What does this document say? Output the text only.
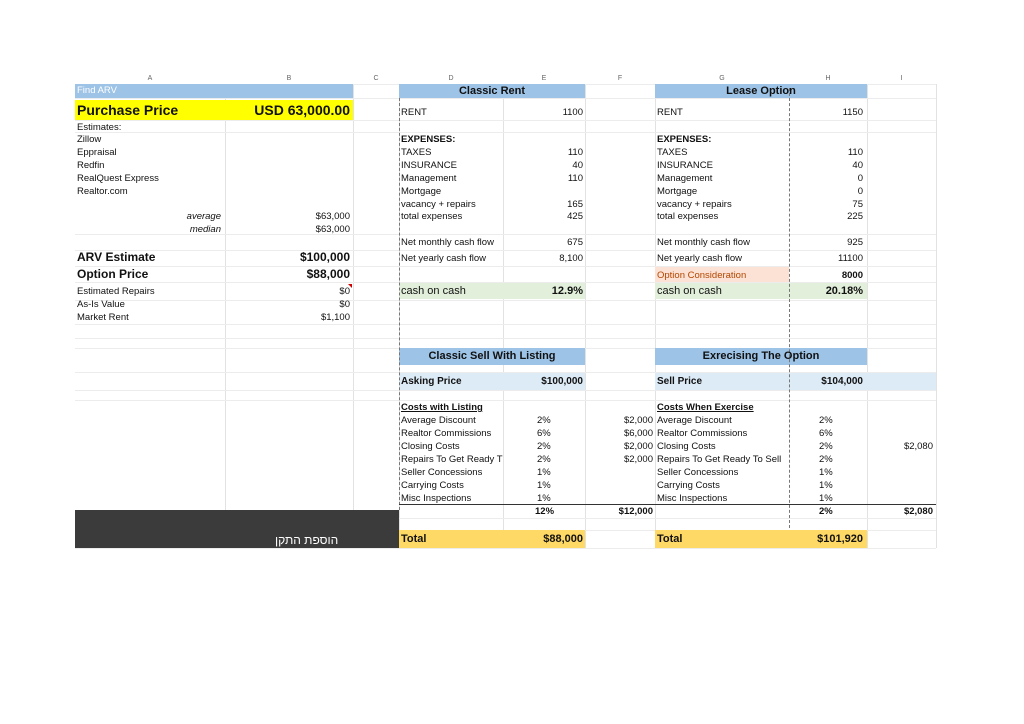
A	B	C	D	E	F	G	H	I
Find ARV
Purchase Price	USD 63,000.00
Estimates:
Zillow
Eppraisal
Redfin
RealQuest Express
Realtor.com
average	$63,000
median	$63,000
ARV Estimate	$100,000
Option Price	$88,000
Estimated Repairs	$0
As-Is Value	$0
Market Rent	$1,100
הוספת התקן
Classic Rent
RENT	1100
EXPENSES:
TAXES	110
INSURANCE	40
Management	110
Mortgage
vacancy + repairs	165
total expenses	425
Net monthly cash flow	675
Net yearly cash flow	8,100
cash on cash	12.9%
Lease Option
RENT	1150
EXPENSES:
TAXES	110
INSURANCE	40
Management	0
Mortgage	0
vacancy + repairs	75
total expenses	225
Net monthly cash flow	925
Net yearly cash flow	11100
Option Consideration	8000
cash on cash	20.18%
Classic Sell With Listing
Asking Price	$100,000
Costs with Listing
Average Discount	2%	$2,000
Realtor Commissions	6%	$6,000
Closing Costs	2%	$2,000
Repairs To Get Ready T	2%	$2,000
Seller Concessions	1%
Carrying Costs	1%
Misc Inspections	1%
12%	$12,000
Total	$88,000
Exrecising The Option
Sell Price	$104,000
Costs When Exercise
Average Discount	2%
Realtor Commissions	6%
Closing Costs	2%	$2,080
Repairs To Get Ready To Sell	2%
Seller Concessions	1%
Carrying Costs	1%
Misc Inspections	1%
2%	$2,080
Total	$101,920
